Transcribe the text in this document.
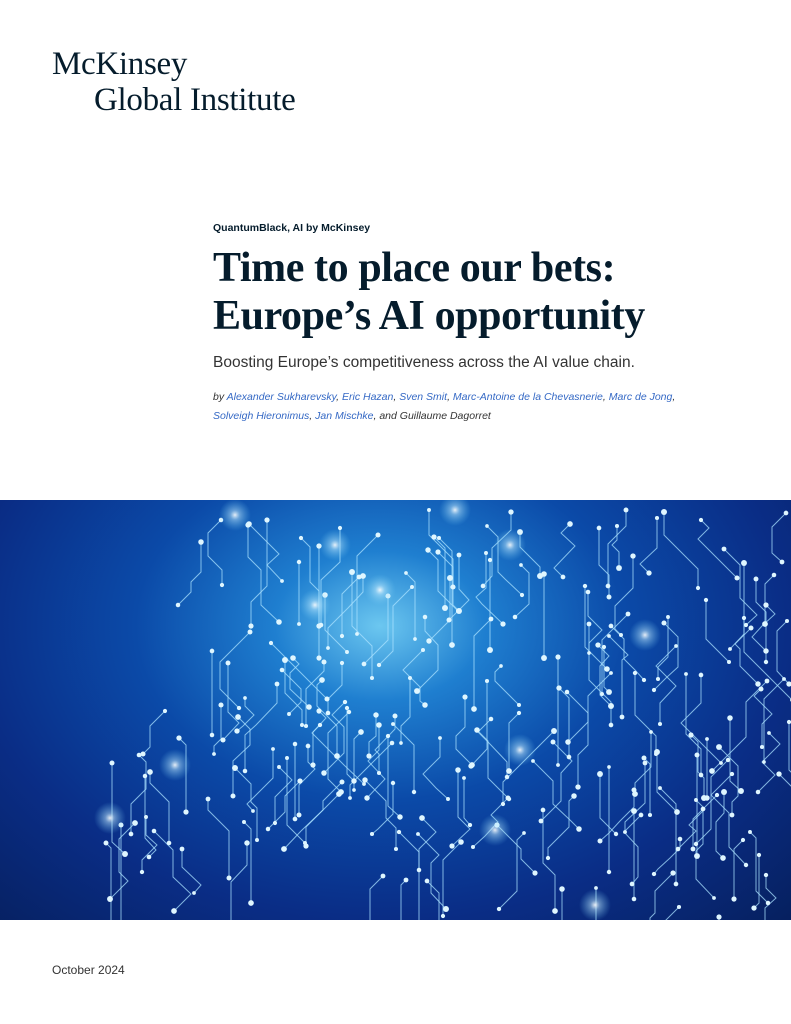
McKinsey
Global Institute

QuantumBlack, AI by McKinsey

Time to place our bets:
Europe’s AI opportunity

Boosting Europe’s competitiveness across the AI value chain.

by Alexander Sukharevsky, Eric Hazan, Sven Smit, Marc-Antoine de la Chevasnerie, Marc de Jong,
Solveigh Hieronimus, Jan Mischke, and Guillaume Dagorret
October 2024
